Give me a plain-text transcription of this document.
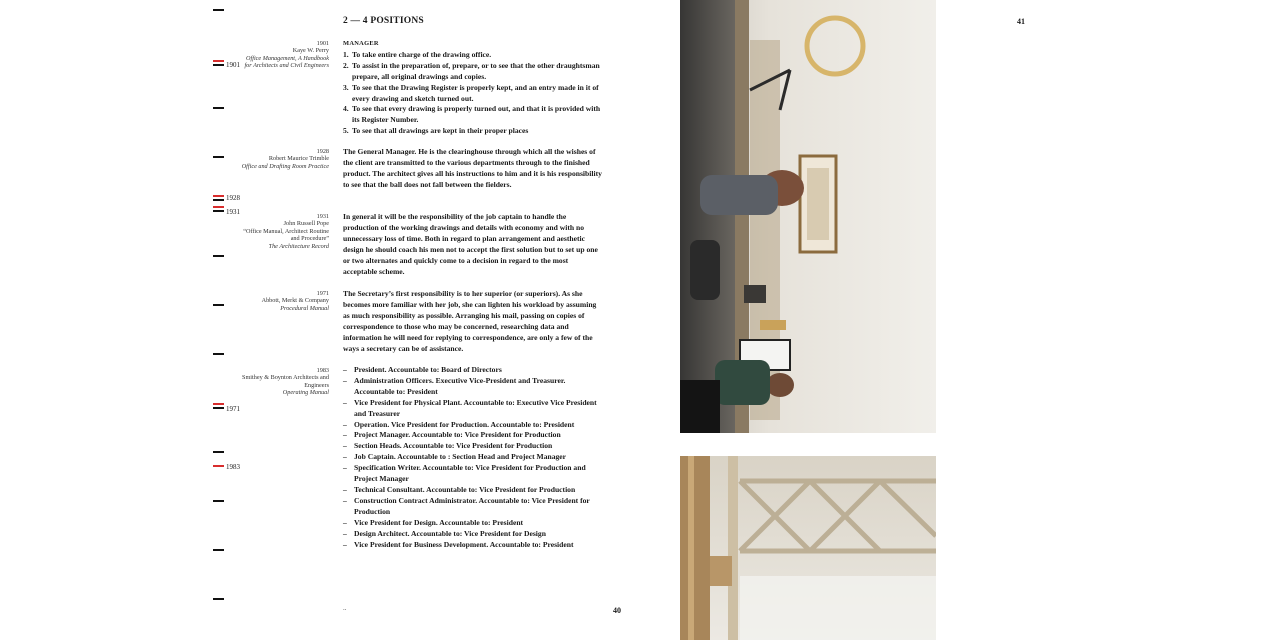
1901
1928
1931
1971
1983
2 — 4 POSITIONS
40
41
..
1901
Kaye W. Perry
Office Management, A Handbook for Architects and Civil Engineers
1928
Robert Maurice Trimble
Office and Drafting Room Practice
1931
John Russell Pope
“Office Manual, Architect Routine and Procedure”
The Architecture Record
1971
Abbott, Merkt & Company
Procedural Manual
1983
Smithey & Boynton Architects and Engineers
Operating Manual
MANAGER
1. To take entire charge of the drawing office.
2. To assist in the preparation of, prepare, or to see that the other draughtsman prepare, all original drawings and copies.
3. To see that the Drawing Register is properly kept, and an entry made in it of every drawing and sketch turned out.
4. To see that every drawing is properly turned out, and that it is provided with its Register Number.
5. To see that all drawings are kept in their proper places

The General Manager. He is the clearinghouse through which all the wishes of the client are transmitted to the various departments through to the finished product. The architect gives all his instructions to him and it is his responsibility to see that the ball does not fall between the fielders.

In general it will be the responsibility of the job captain to handle the production of the working drawings and details with economy and with no unnecessary loss of time. Both in regard to plan arrangement and aesthetic design he should coach his men not to accept the first solution but to set up one or two alternates and quickly come to a decision in regard to the most acceptable scheme.

The Secretary’s first responsibility is to her superior (or superiors). As she becomes more familiar with her job, she can lighten his workload by assuming as much responsibility as possible. Arranging his mail, passing on copies of correspondence to those who may be concerned, researching data and information he will need for replying to correspondence, are only a few of the ways a secretary can be of assistance.

– President. Accountable to: Board of Directors
– Administration Officers. Executive Vice-President and Treasurer. Accountable to: President
– Vice President for Physical Plant. Accountable to: Executive Vice President and Treasurer
– Operation. Vice President for Production. Accountable to: President
– Project Manager. Accountable to: Vice President for Production
– Section Heads. Accountable to: Vice President for Production
– Job Captain. Accountable to : Section Head and Project Manager
– Specification Writer. Accountable to: Vice President for Production and Project Manager
– Technical Consultant. Accountable to: Vice President for Production
– Construction Contract Administrator. Accountable to: Vice President for Production
– Vice President for Design. Accountable to: President
– Design Architect. Accountable to: Vice President for Design
– Vice President for Business Development. Accountable to: President
